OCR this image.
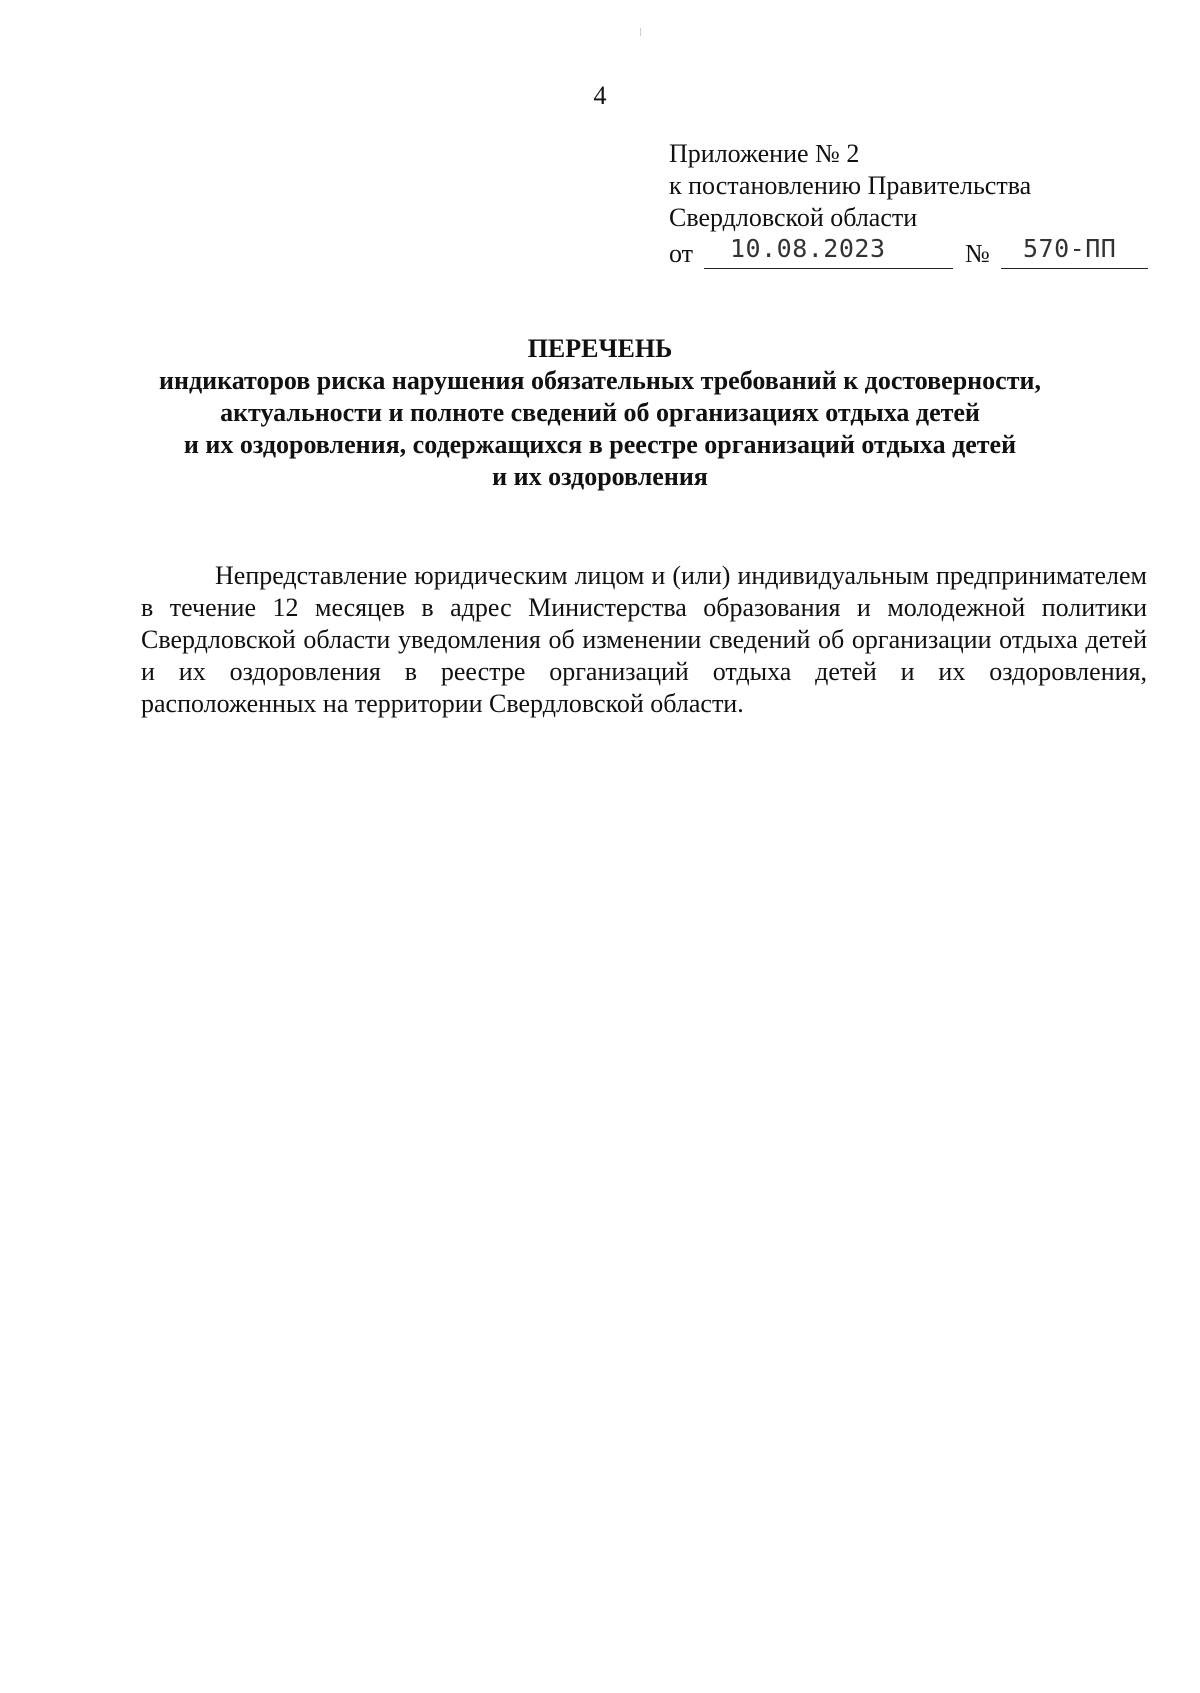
4
Приложение № 2
к постановлению Правительства
Свердловской области
от 10.08.2023	№ 570-ПП
ПЕРЕЧЕНЬ
индикаторов риска нарушения обязательных требований к достоверности,
актуальности и полноте сведений об организациях отдыха детей
и их оздоровления, содержащихся в реестре организаций отдыха детей
и их оздоровления

Непредставление юридическим лицом и (или) индивидуальным предпринимателем в течение 12 месяцев в адрес Министерства образования и молодежной политики Свердловской области уведомления об изменении сведений об организации отдыха детей и их оздоровления в реестре организаций отдыха детей и их оздоровления, расположенных на территории Свердловской области.
